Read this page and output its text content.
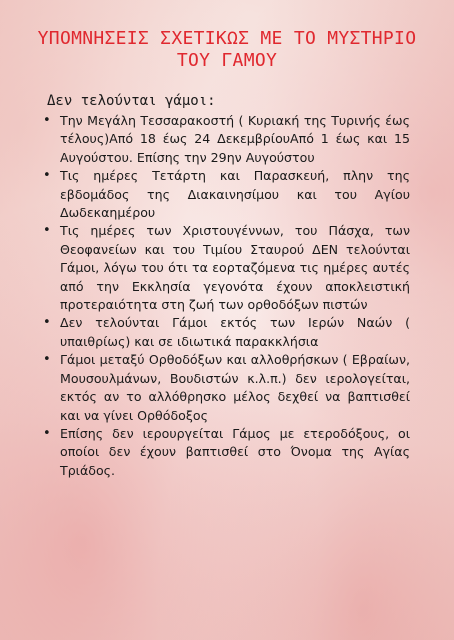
ΥΠΟΜΝΗΣΕΙΣ ΣΧΕΤΙΚΩΣ ΜΕ ΤΟ ΜΥΣΤΗΡΙΟ ΤΟΥ ΓΑΜΟΥ

Δεν τελούνται γάμοι:

• Την Μεγάλη Τεσσαρακοστή ( Κυριακή της Τυρινής έως τέλους)Από 18 έως 24 ΔεκεμβρίουΑπό 1 έως και 15 Αυγούστου. Επίσης την 29ην Αυγούστου
• Τις ημέρες Τετάρτη και Παρασκευή, πλην της εβδομάδος της Διακαινησίμου και του Αγίου Δωδεκαημέρου
• Τις ημέρες των Χριστουγέννων, του Πάσχα, των Θεοφανείων και του Τιμίου Σταυρού ΔΕΝ τελούνται Γάμοι, λόγω του ότι τα εορταζόμενα τις ημέρες αυτές από την Εκκλησία γεγονότα έχουν αποκλειστική προτεραιότητα στη ζωή των ορθοδόξων πιστών
• Δεν τελούνται Γάμοι εκτός των Ιερών Ναών ( υπαιθρίως) και σε ιδιωτικά παρακκλήσια
• Γάμοι μεταξύ Ορθοδόξων και αλλοθρήσκων ( Εβραίων, Μουσουλμάνων, Βουδιστών κ.λ.π.) δεν ιερολογείται, εκτός αν το αλλόθρησκο μέλος δεχθεί να βαπτισθεί και να γίνει Ορθόδοξος
• Επίσης δεν ιερουργείται Γάμος με ετεροδόξους, οι οποίοι δεν έχουν βαπτισθεί στο Όνομα της Αγίας Τριάδος.
